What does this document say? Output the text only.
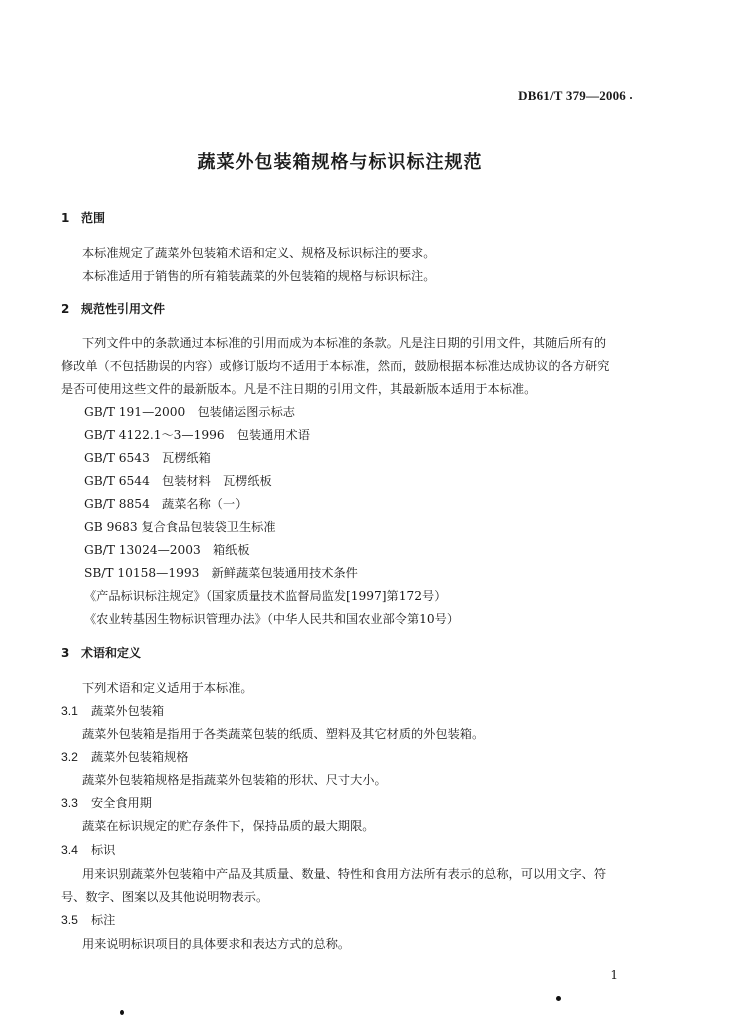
DB61/T 379—2006
蔬菜外包装箱规格与标识标注规范
1 范围
本标准规定了蔬菜外包装箱术语和定义、规格及标识标注的要求。
本标准适用于销售的所有箱装蔬菜的外包装箱的规格与标识标注。
2 规范性引用文件
下列文件中的条款通过本标准的引用而成为本标准的条款。凡是注日期的引用文件，其随后所有的
修改单（不包括勘误的内容）或修订版均不适用于本标准，然而，鼓励根据本标准达成协议的各方研究
是否可使用这些文件的最新版本。凡是不注日期的引用文件，其最新版本适用于本标准。
GB/T 191—2000　包装储运图示标志
GB/T 4122.1～3—1996　包装通用术语
GB/T 6543　瓦楞纸箱
GB/T 6544　包装材料　瓦楞纸板
GB/T 8854　蔬菜名称（一）
GB 9683 复合食品包装袋卫生标准
GB/T 13024—2003　箱纸板
SB/T 10158—1993　新鲜蔬菜包装通用技术条件
《产品标识标注规定》（国家质量技术监督局监发[1997]第172号）
《农业转基因生物标识管理办法》（中华人民共和国农业部令第10号）
3 术语和定义
下列术语和定义适用于本标准。
3.1 蔬菜外包装箱
蔬菜外包装箱是指用于各类蔬菜包装的纸质、塑料及其它材质的外包装箱。
3.2 蔬菜外包装箱规格
蔬菜外包装箱规格是指蔬菜外包装箱的形状、尺寸大小。
3.3 安全食用期
蔬菜在标识规定的贮存条件下，保持品质的最大期限。
3.4 标识
用来识别蔬菜外包装箱中产品及其质量、数量、特性和食用方法所有表示的总称，可以用文字、符
号、数字、图案以及其他说明物表示。
3.5 标注
用来说明标识项目的具体要求和表达方式的总称。
1
